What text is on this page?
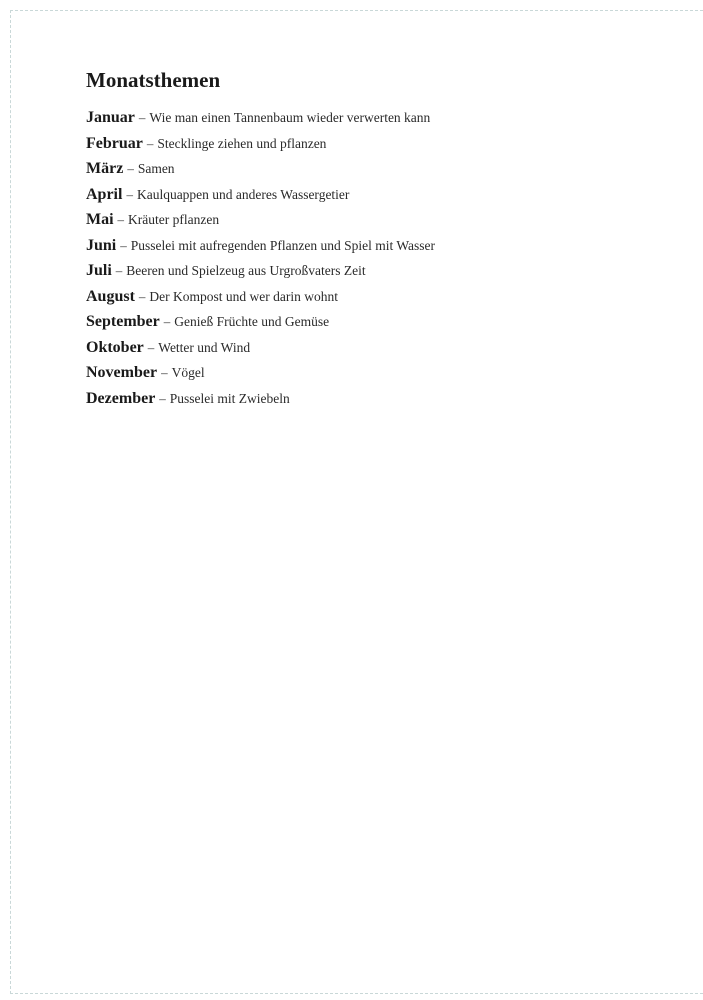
Monatsthemen
Januar – Wie man einen Tannenbaum wieder verwerten kann
Februar – Stecklinge ziehen und pflanzen
März – Samen
April – Kaulquappen und anderes Wassergetier
Mai – Kräuter pflanzen
Juni – Pusselei mit aufregenden Pflanzen und Spiel mit Wasser
Juli – Beeren und Spielzeug aus Urgroßvaters Zeit
August – Der Kompost und wer darin wohnt
September – Genieß Früchte und Gemüse
Oktober – Wetter und Wind
November – Vögel
Dezember – Pusselei mit Zwiebeln
